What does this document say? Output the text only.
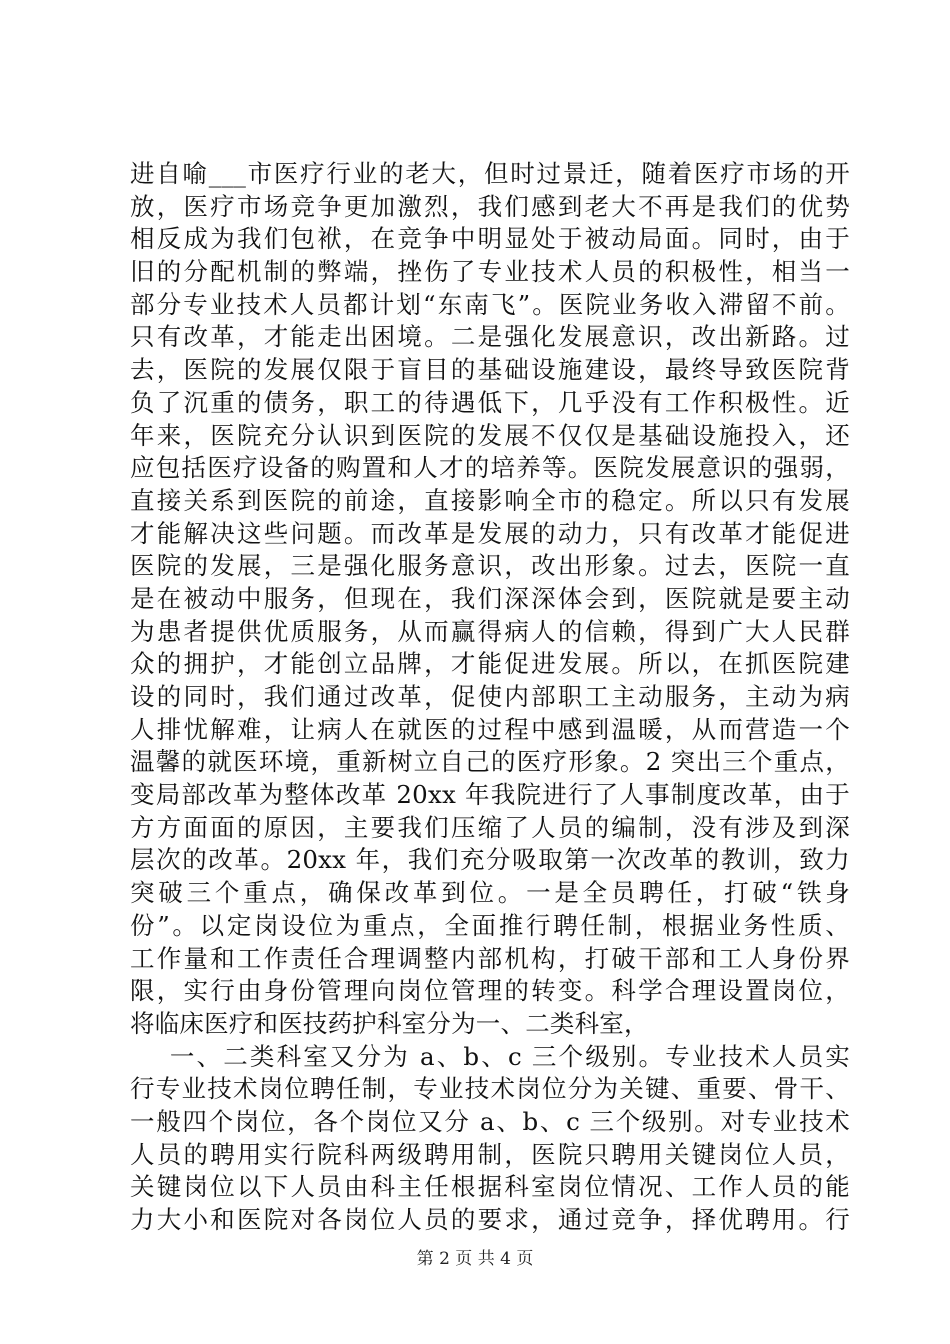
进自喻___市医疗行业的老大，但时过景迁，随着医疗市场的开
放，医疗市场竞争更加激烈，我们感到老大不再是我们的优势
相反成为我们包袱，在竞争中明显处于被动局面。同时，由于
旧的分配机制的弊端，挫伤了专业技术人员的积极性，相当一
部分专业技术人员都计划“东南飞”。医院业务收入滞留不前。
只有改革，才能走出困境。二是强化发展意识，改出新路。过
去，医院的发展仅限于盲目的基础设施建设，最终导致医院背
负了沉重的债务，职工的待遇低下，几乎没有工作积极性。近
年来，医院充分认识到医院的发展不仅仅是基础设施投入，还
应包括医疗设备的购置和人才的培养等。医院发展意识的强弱，
直接关系到医院的前途，直接影响全市的稳定。所以只有发展
才能解决这些问题。而改革是发展的动力，只有改革才能促进
医院的发展，三是强化服务意识，改出形象。过去，医院一直
是在被动中服务，但现在，我们深深体会到，医院就是要主动
为患者提供优质服务，从而赢得病人的信赖，得到广大人民群
众的拥护，才能创立品牌，才能促进发展。所以，在抓医院建
设的同时，我们通过改革，促使内部职工主动服务，主动为病
人排忧解难，让病人在就医的过程中感到温暖，从而营造一个
温馨的就医环境，重新树立自己的医疗形象。2 突出三个重点，
变局部改革为整体改革 20xx 年我院进行了人事制度改革，由于
方方面面的原因，主要我们压缩了人员的编制，没有涉及到深
层次的改革。20xx 年，我们充分吸取第一次改革的教训，致力
突破三个重点，确保改革到位。一是全员聘任，打破“铁身
份”。以定岗设位为重点，全面推行聘任制，根据业务性质、
工作量和工作责任合理调整内部机构，打破干部和工人身份界
限，实行由身份管理向岗位管理的转变。科学合理设置岗位，
将临床医疗和医技药护科室分为一、二类科室，
一、二类科室又分为 a、b、c 三个级别。专业技术人员实
行专业技术岗位聘任制，专业技术岗位分为关键、重要、骨干、
一般四个岗位，各个岗位又分 a、b、c 三个级别。对专业技术
人员的聘用实行院科两级聘用制，医院只聘用关键岗位人员，
关键岗位以下人员由科主任根据科室岗位情况、工作人员的能
力大小和医院对各岗位人员的要求，通过竞争，择优聘用。行
第 2 页 共 4 页
